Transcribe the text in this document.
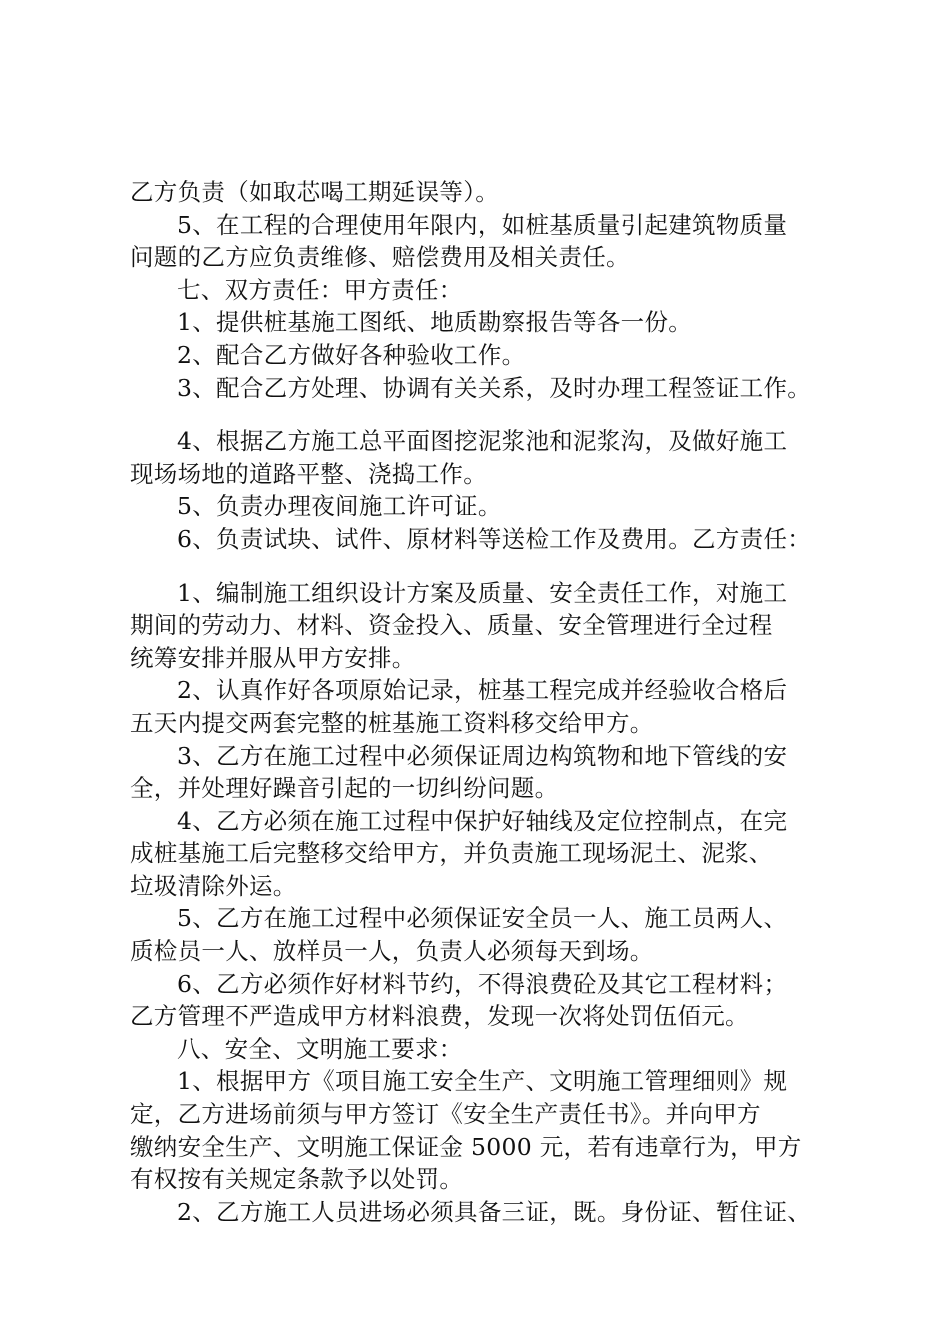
乙方负责（如取芯喝工期延误等）。
5、在工程的合理使用年限内，如桩基质量引起建筑物质量
问题的乙方应负责维修、赔偿费用及相关责任。
七、双方责任：甲方责任：
1、提供桩基施工图纸、地质勘察报告等各一份。
2、配合乙方做好各种验收工作。
3、配合乙方处理、协调有关关系，及时办理工程签证工作。
4、根据乙方施工总平面图挖泥浆池和泥浆沟，及做好施工
现场场地的道路平整、浇捣工作。
5、负责办理夜间施工许可证。
6、负责试块、试件、原材料等送检工作及费用。乙方责任：
1、编制施工组织设计方案及质量、安全责任工作，对施工
期间的劳动力、材料、资金投入、质量、安全管理进行全过程
统筹安排并服从甲方安排。
2、认真作好各项原始记录，桩基工程完成并经验收合格后
五天内提交两套完整的桩基施工资料移交给甲方。
3、乙方在施工过程中必须保证周边构筑物和地下管线的安
全，并处理好躁音引起的一切纠纷问题。
4、乙方必须在施工过程中保护好轴线及定位控制点，在完
成桩基施工后完整移交给甲方，并负责施工现场泥土、泥浆、
垃圾清除外运。
5、乙方在施工过程中必须保证安全员一人、施工员两人、
质检员一人、放样员一人，负责人必须每天到场。
6、乙方必须作好材料节约，不得浪费砼及其它工程材料；
乙方管理不严造成甲方材料浪费，发现一次将处罚伍佰元。
八、安全、文明施工要求：
1、根据甲方《项目施工安全生产、文明施工管理细则》规
定，乙方进场前须与甲方签订《安全生产责任书》。并向甲方
缴纳安全生产、文明施工保证金 5000 元，若有违章行为，甲方
有权按有关规定条款予以处罚。
2、乙方施工人员进场必须具备三证，既。身份证、暂住证、
